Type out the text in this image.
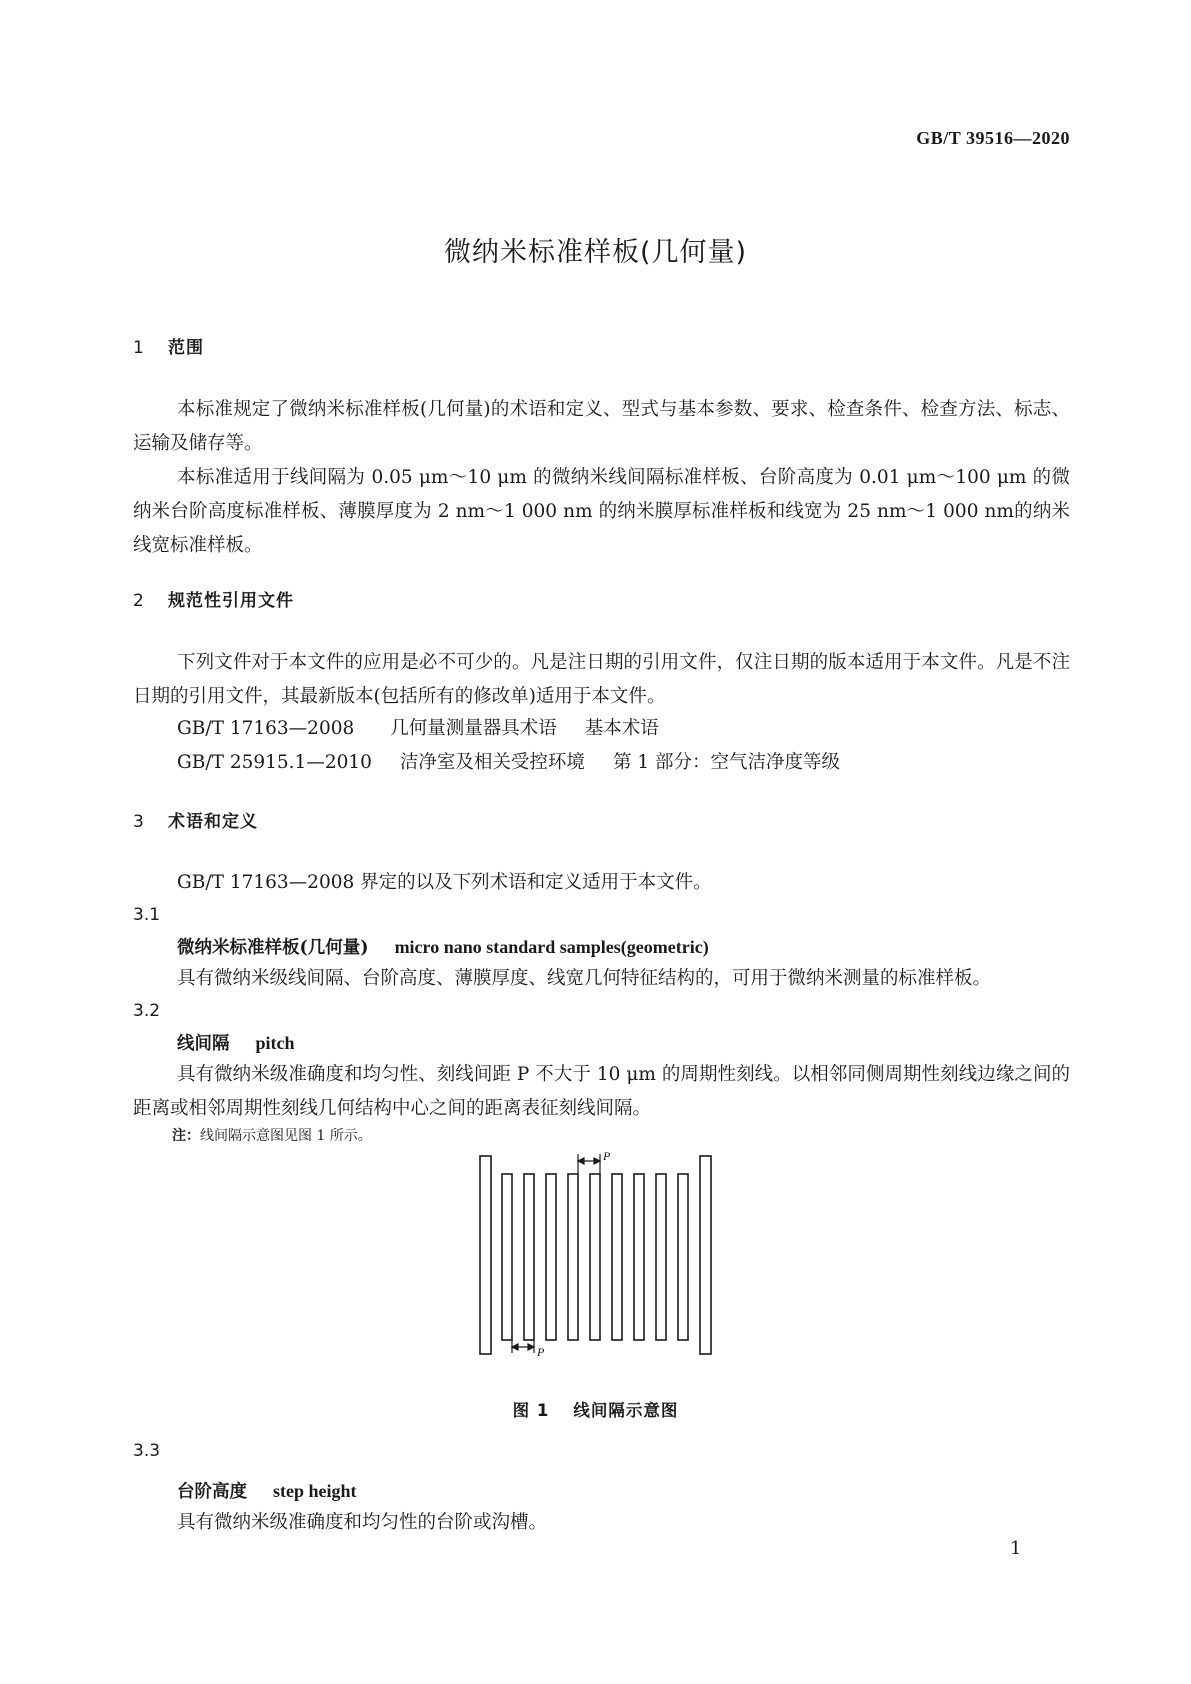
GB/T 39516—2020
微纳米标准样板(几何量)
1 范围
本标准规定了微纳米标准样板(几何量)的术语和定义、型式与基本参数、要求、检查条件、检查方法、标志、运输及储存等。
本标准适用于线间隔为 0.05 μm～10 μm 的微纳米线间隔标准样板、台阶高度为 0.01 μm～100 μm 的微纳米台阶高度标准样板、薄膜厚度为 2 nm～1 000 nm 的纳米膜厚标准样板和线宽为 25 nm～1 000 nm的纳米线宽标准样板。
2 规范性引用文件
下列文件对于本文件的应用是必不可少的。凡是注日期的引用文件，仅注日期的版本适用于本文件。凡是不注日期的引用文件，其最新版本(包括所有的修改单)适用于本文件。
GB/T 17163—2008 几何量测量器具术语 基本术语
GB/T 25915.1—2010 洁净室及相关受控环境 第 1 部分：空气洁净度等级
3 术语和定义
GB/T 17163—2008 界定的以及下列术语和定义适用于本文件。
3.1
微纳米标准样板(几何量) micro nano standard samples(geometric)
具有微纳米级线间隔、台阶高度、薄膜厚度、线宽几何特征结构的，可用于微纳米测量的标准样板。
3.2
线间隔 pitch
具有微纳米级准确度和均匀性、刻线间距 P 不大于 10 μm 的周期性刻线。以相邻同侧周期性刻线边缘之间的距离或相邻周期性刻线几何结构中心之间的距离表征刻线间隔。
注：线间隔示意图见图 1 所示。
P
P
图 1 线间隔示意图
3.3
台阶高度 step height
具有微纳米级准确度和均匀性的台阶或沟槽。
1
